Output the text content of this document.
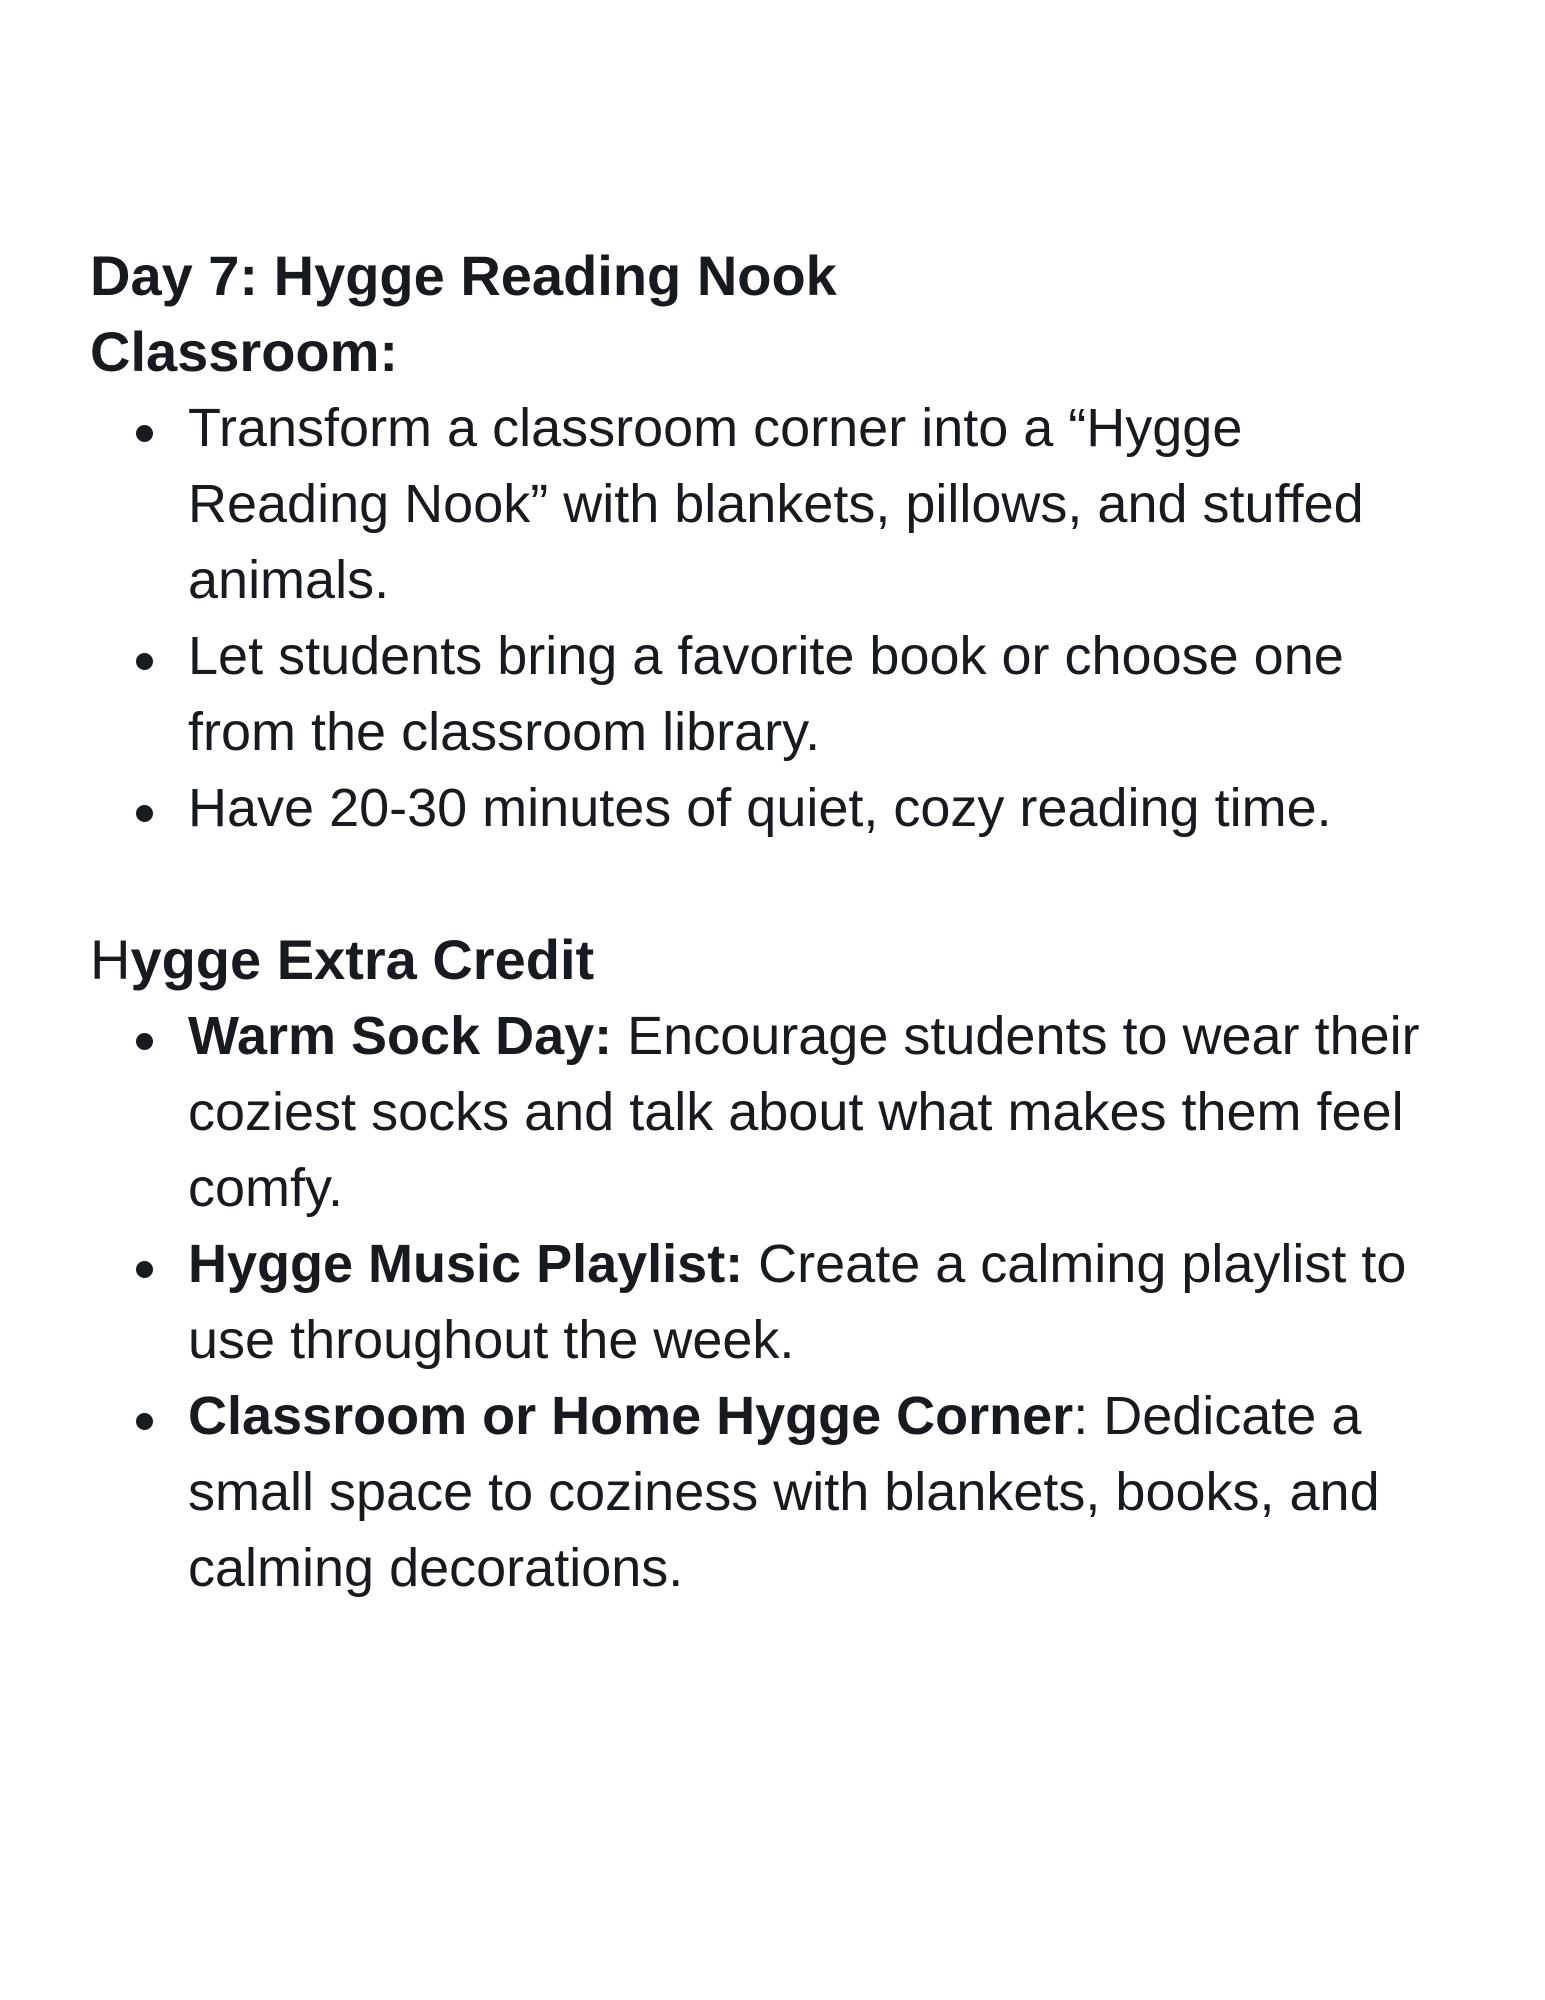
Day 7: Hygge Reading Nook

Classroom:

Transform a classroom corner into a “Hygge Reading Nook” with blankets, pillows, and stuffed animals.
Let students bring a favorite book or choose one from the classroom library.
Have 20-30 minutes of quiet, cozy reading time.

Hygge Extra Credit

Warm Sock Day: Encourage students to wear their coziest socks and talk about what makes them feel comfy.
Hygge Music Playlist: Create a calming playlist to use throughout the week.
Classroom or Home Hygge Corner: Dedicate a small space to coziness with blankets, books, and calming decorations.
